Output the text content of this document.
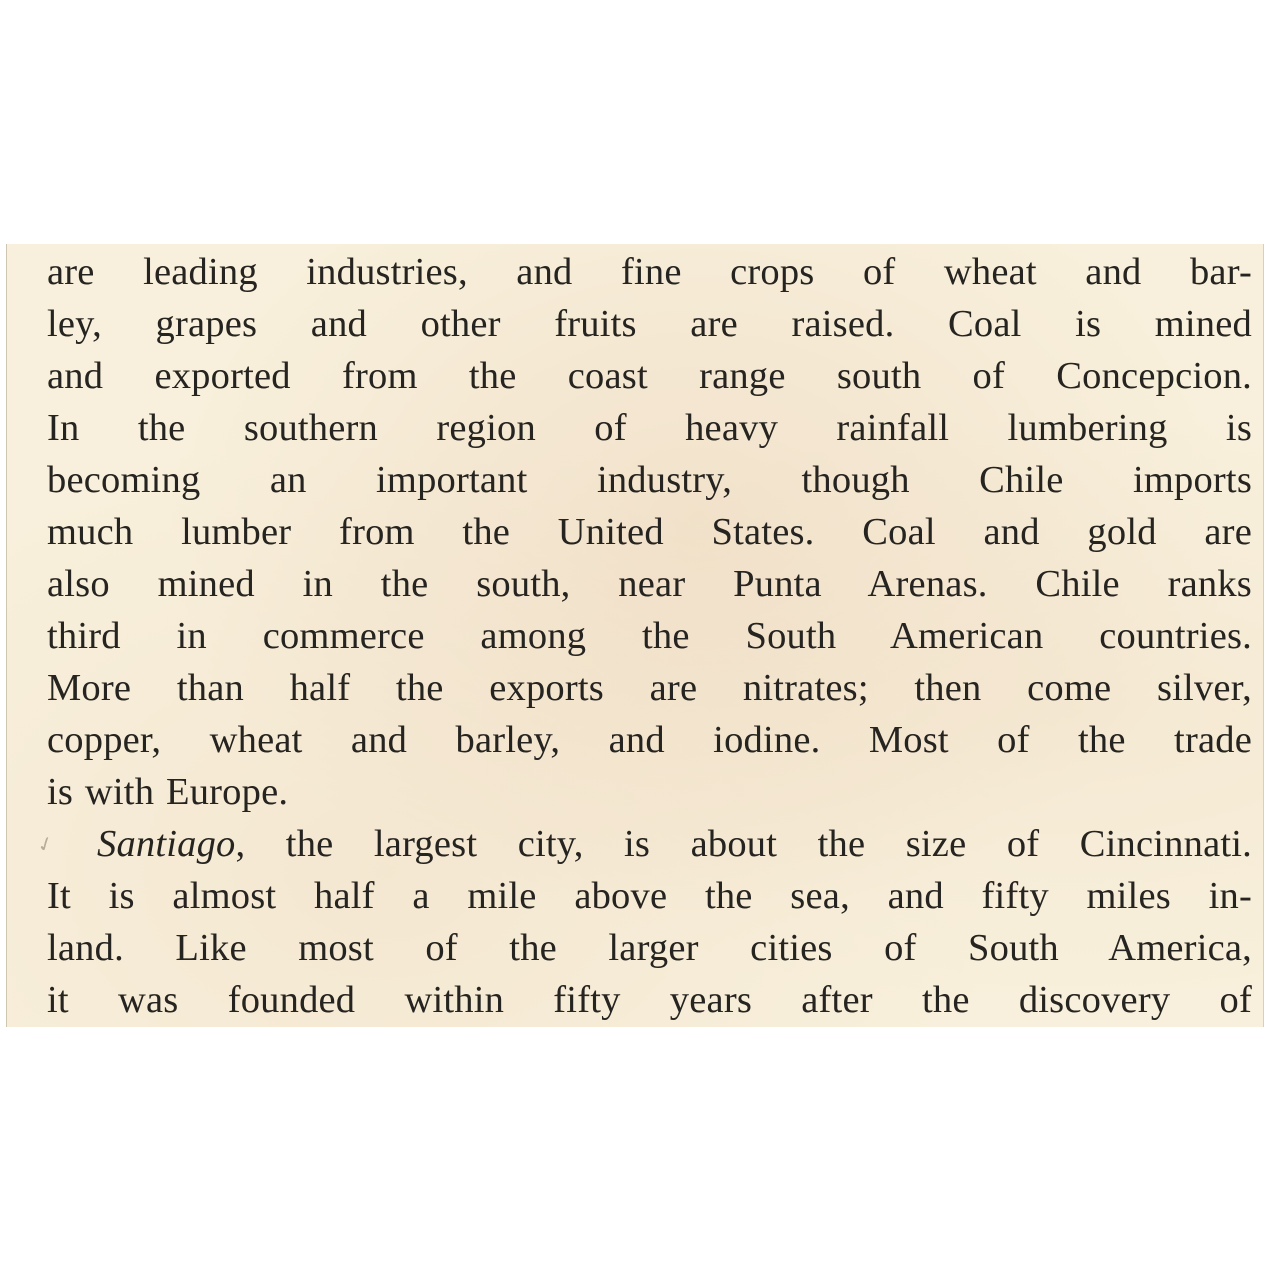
✓
are leading industries, and fine crops of wheat and bar-
ley, grapes and other fruits are raised. Coal is mined
and exported from the coast range south of Concepcion.
In the southern region of heavy rainfall lumbering is
becoming an important industry, though Chile imports
much lumber from the United States. Coal and gold are
also mined in the south, near Punta Arenas. Chile ranks
third in commerce among the South American countries.
More than half the exports are nitrates; then come silver,
copper, wheat and barley, and iodine. Most of the trade
is with Europe.
Santiago, the largest city, is about the size of Cincinnati.
It is almost half a mile above the sea, and fifty miles in-
land. Like most of the larger cities of South America,
it was founded within fifty years after the discovery of
